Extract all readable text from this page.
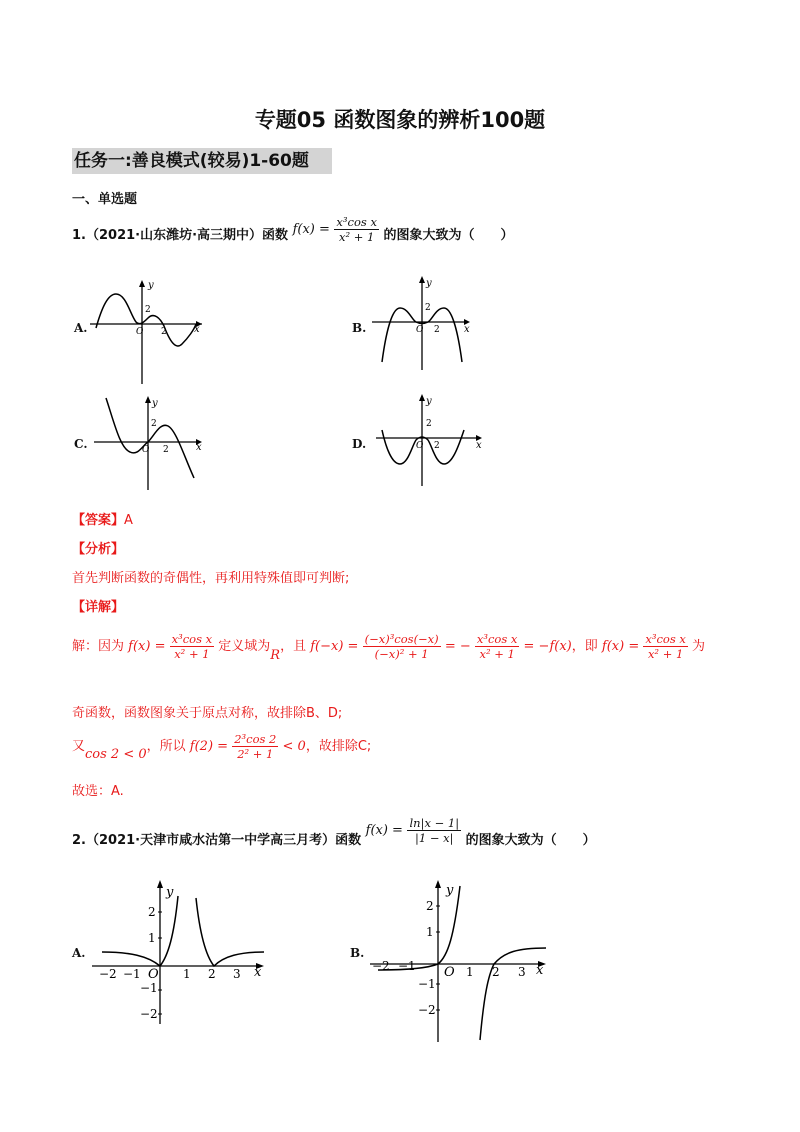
专题05 函数图象的辨析100题
任务一:善良模式(较易)1-60题
一、单选题
1.（2021·山东潍坊·高三期中）函数 $f(x) = \frac{\text{x³cos x}}{\text{x² + 1}}$ 的图象大致为（　　）
A.	B.
C.	D.
y
x
2
O 2
y
x
2
O 2
y
x
2
O 2
y
x
2
O 2
【答案】A
【分析】
首先判断函数的奇偶性，再利用特殊值即可判断;
【详解】
解：因为 $f(x) = \frac{\text{x³cos x}}{\text{x² + 1}}$ 定义域为R，且 $f(-x) = \frac{\text{(−x)³cos(−x)}}{\text{(−x)² + 1}}$ = − $\frac{\text{x³cos x}}{\text{x² + 1}} = -f(x)$，即 $f(x) = \frac{\text{x³cos x}}{\text{x² + 1}}$ 为
奇函数，函数图象关于原点对称，故排除B、D;
又cos 2 < 0，所以 $f(2) = \frac{\text{2³cos 2}}{\text{2² + 1}} < 0$，故排除C;
故选：A.
2.（2021·天津市咸水沽第一中学高三月考）函数 $f(x) = \frac{\ln|x - 1|}{|1 - x|}$ 的图象大致为（　　）
A.	B.
y
x
O
−2 −1	1 2 3
2
1
−1
−2
y
x
O
−2 −1	1 2 3
2
1
−1
−2
